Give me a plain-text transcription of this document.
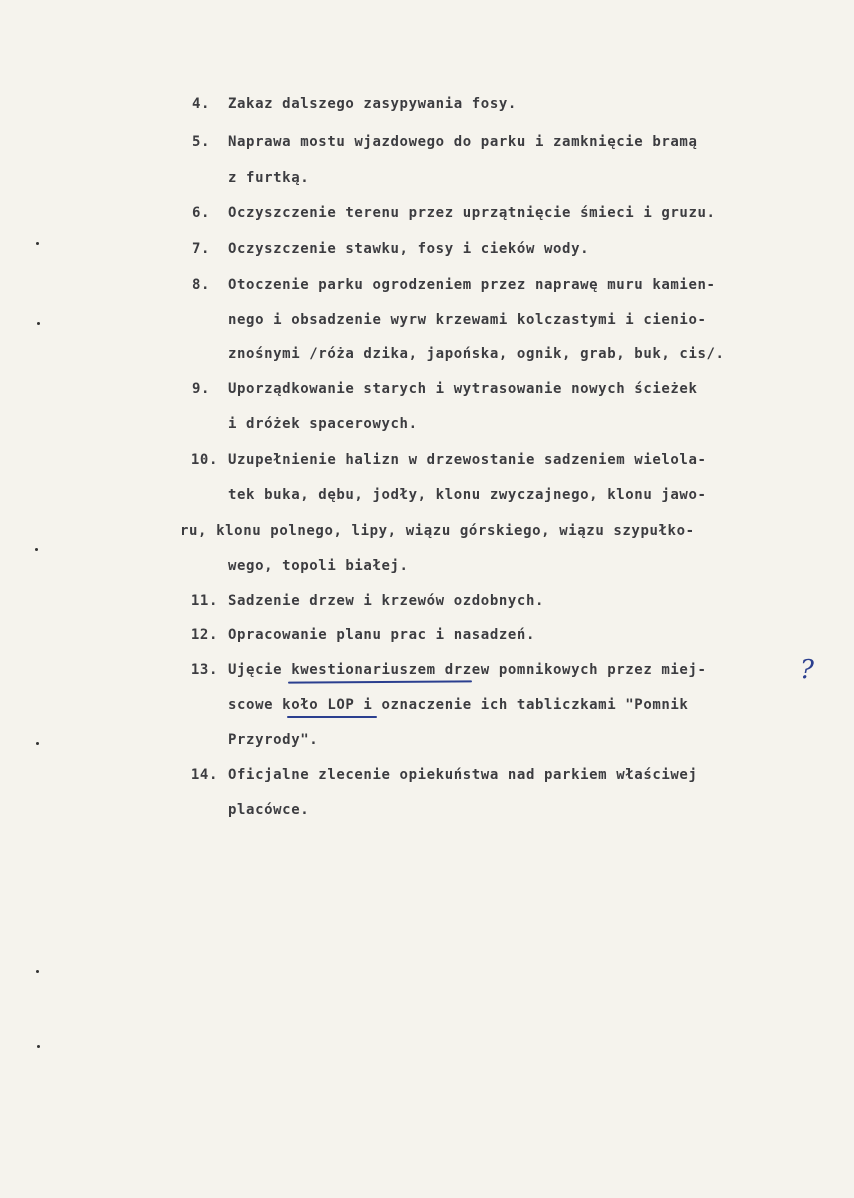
4. Zakaz dalszego zasypywania fosy.
5. Naprawa mostu wjazdowego do parku i zamknięcie bramą
z furtką.
6. Oczyszczenie terenu przez uprzątnięcie śmieci i gruzu.
7. Oczyszczenie stawku, fosy i cieków wody.
8. Otoczenie parku ogrodzeniem przez naprawę muru kamien-
nego i obsadzenie wyrw krzewami kolczastymi i cienio-
znośnymi /róża dzika, japońska, ognik, grab, buk, cis/.
9. Uporządkowanie starych i wytrasowanie nowych ścieżek
i dróżek spacerowych.
10. Uzupełnienie halizn w drzewostanie sadzeniem wielola-
tek buka, dębu, jodły, klonu zwyczajnego, klonu jawo-
ru, klonu polnego, lipy, wiązu górskiego, wiązu szypułko-
wego, topoli białej.
11. Sadzenie drzew i krzewów ozdobnych.
12. Opracowanie planu prac i nasadzeń.
13. Ujęcie kwestionariuszem drzew pomnikowych przez miej-
scowe koło LOP i oznaczenie ich tabliczkami "Pomnik
Przyrody".
?
14. Oficjalne zlecenie opiekuństwa nad parkiem właściwej
placówce.
